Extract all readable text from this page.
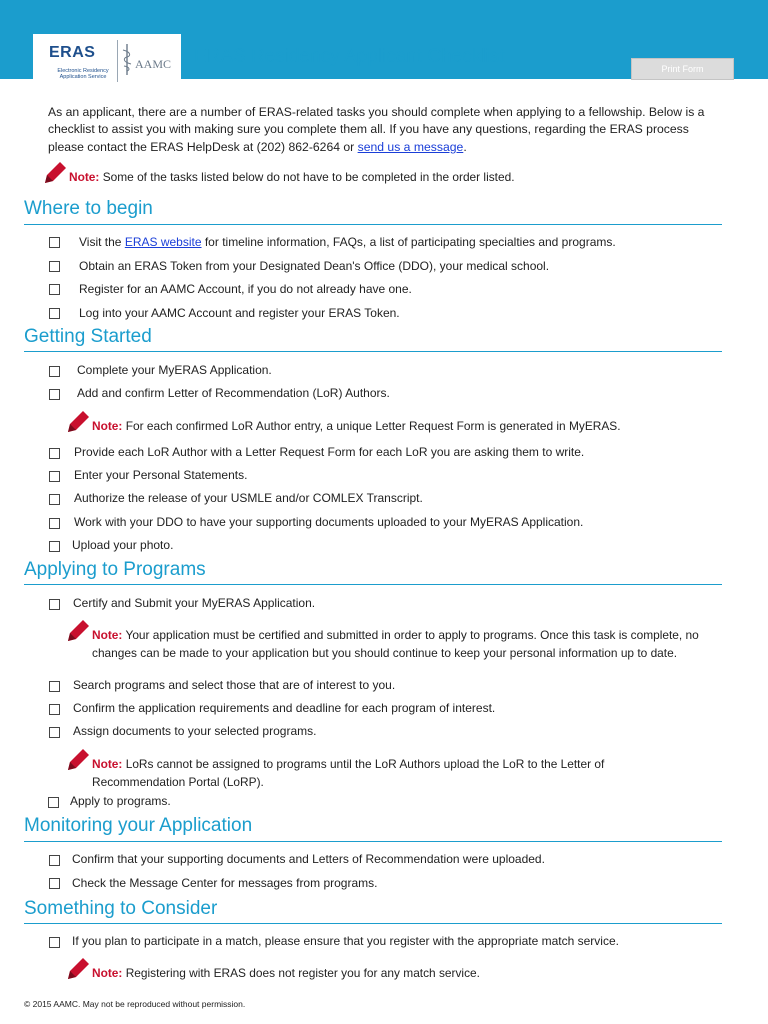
ERAS
Electronic Residency Application Service
AAMC ERAS Residency Applicant Checklist
Print Form
As an applicant, there are a number of ERAS-related tasks you should complete when applying to a fellowship. Below is a checklist to assist you with making sure you complete them all. If you have any questions, regarding the ERAS process please contact the ERAS HelpDesk at (202) 862-6264 or send us a message.
Note: Some of the tasks listed below do not have to be completed in the order listed.
Where to begin
Visit the ERAS website for timeline information, FAQs, a list of participating specialties and programs.
Obtain an ERAS Token from your Designated Dean's Office (DDO), your medical school.
Register for an AAMC Account, if you do not already have one.
Log into your AAMC Account and register your ERAS Token.
Getting Started
Complete your MyERAS Application.
Add and confirm Letter of Recommendation (LoR) Authors.
Note: For each confirmed LoR Author entry, a unique Letter Request Form is generated in MyERAS.
Provide each LoR Author with a Letter Request Form for each LoR you are asking them to write.
Enter your Personal Statements.
Authorize the release of your USMLE and/or COMLEX Transcript.
Work with your DDO to have your supporting documents uploaded to your MyERAS Application.
Upload your photo.
Applying to Programs
Certify and Submit your MyERAS Application.
Note: Your application must be certified and submitted in order to apply to programs. Once this task is complete, no changes can be made to your application but you should continue to keep your personal information up to date.
Search programs and select those that are of interest to you.
Confirm the application requirements and deadline for each program of interest.
Assign documents to your selected programs.
Note: LoRs cannot be assigned to programs until the LoR Authors upload the LoR to the Letter of Recommendation Portal (LoRP).
Apply to programs.
Monitoring your Application
Confirm that your supporting documents and Letters of Recommendation were uploaded.
Check the Message Center for messages from programs.
Something to Consider
If you plan to participate in a match, please ensure that you register with the appropriate match service.
Note: Registering with ERAS does not register you for any match service.
© 2015 AAMC. May not be reproduced without permission.
